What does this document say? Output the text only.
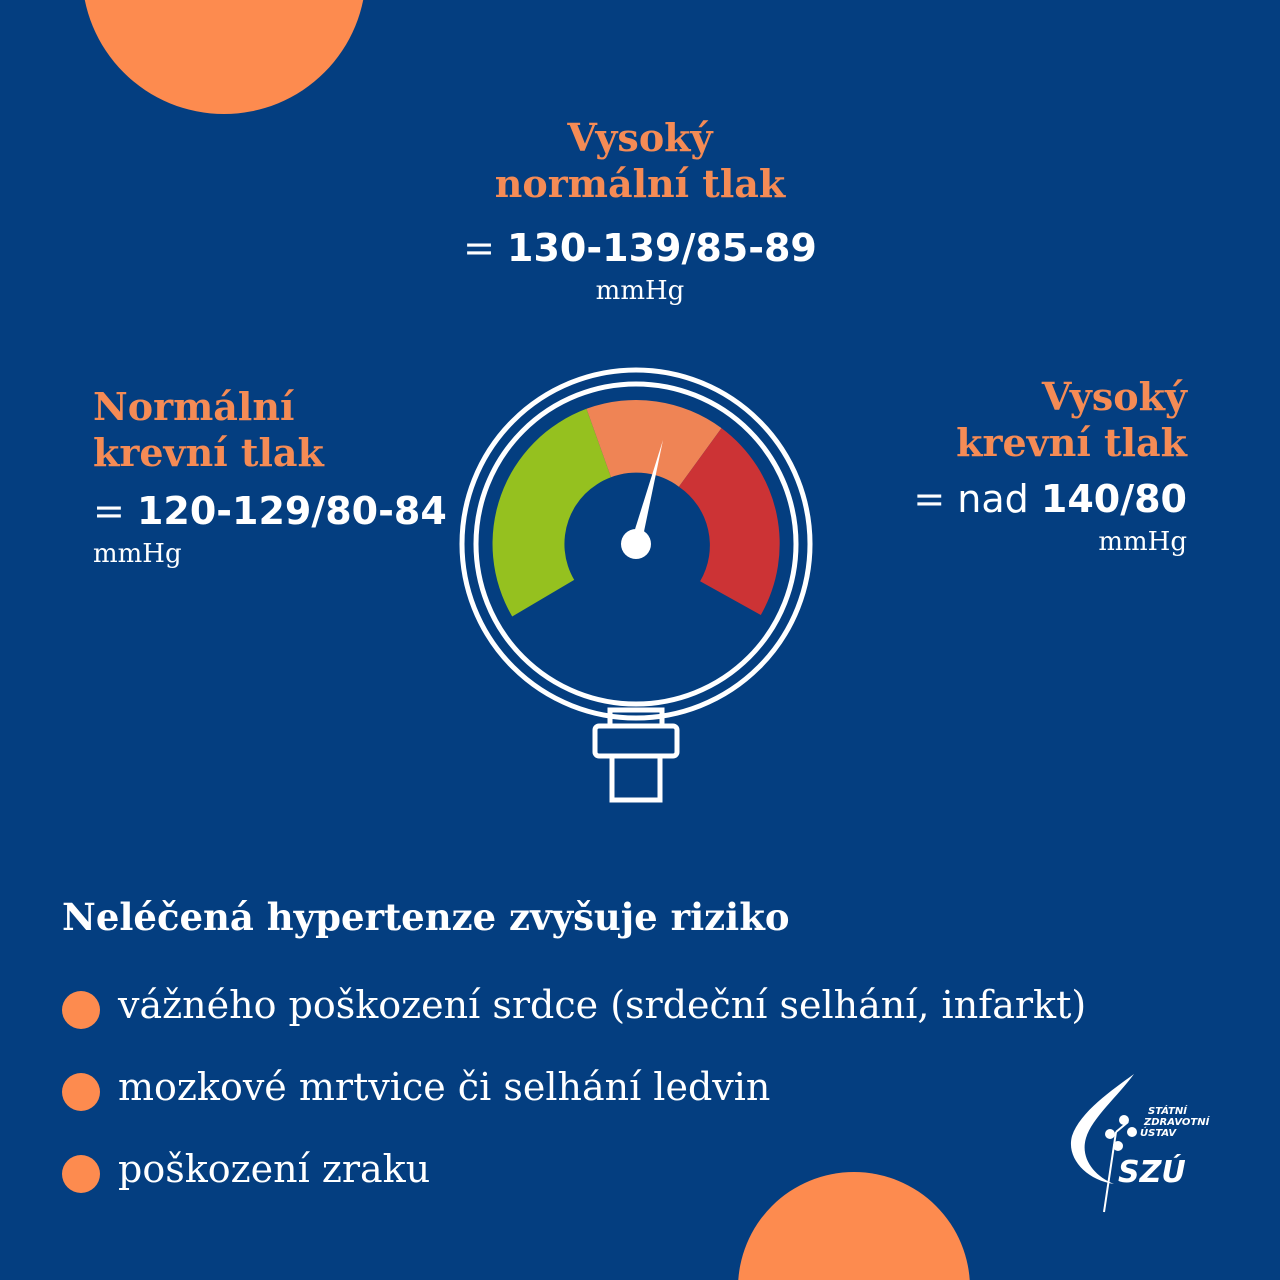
Vysoký
normální tlak
= 130-139/85-89
mmHg
Normální
krevní tlak
= 120-129/80-84
mmHg
Vysoký
krevní tlak
= nad 140/80
mmHg
Neléčená hypertenze zvyšuje riziko
vážného poškození srdce (srdeční selhání, infarkt)
mozkové mrtvice či selhání ledvin
poškození zraku
STÁTNÍ
ZDRAVOTNÍ
ÚSTAV
SZÚ
